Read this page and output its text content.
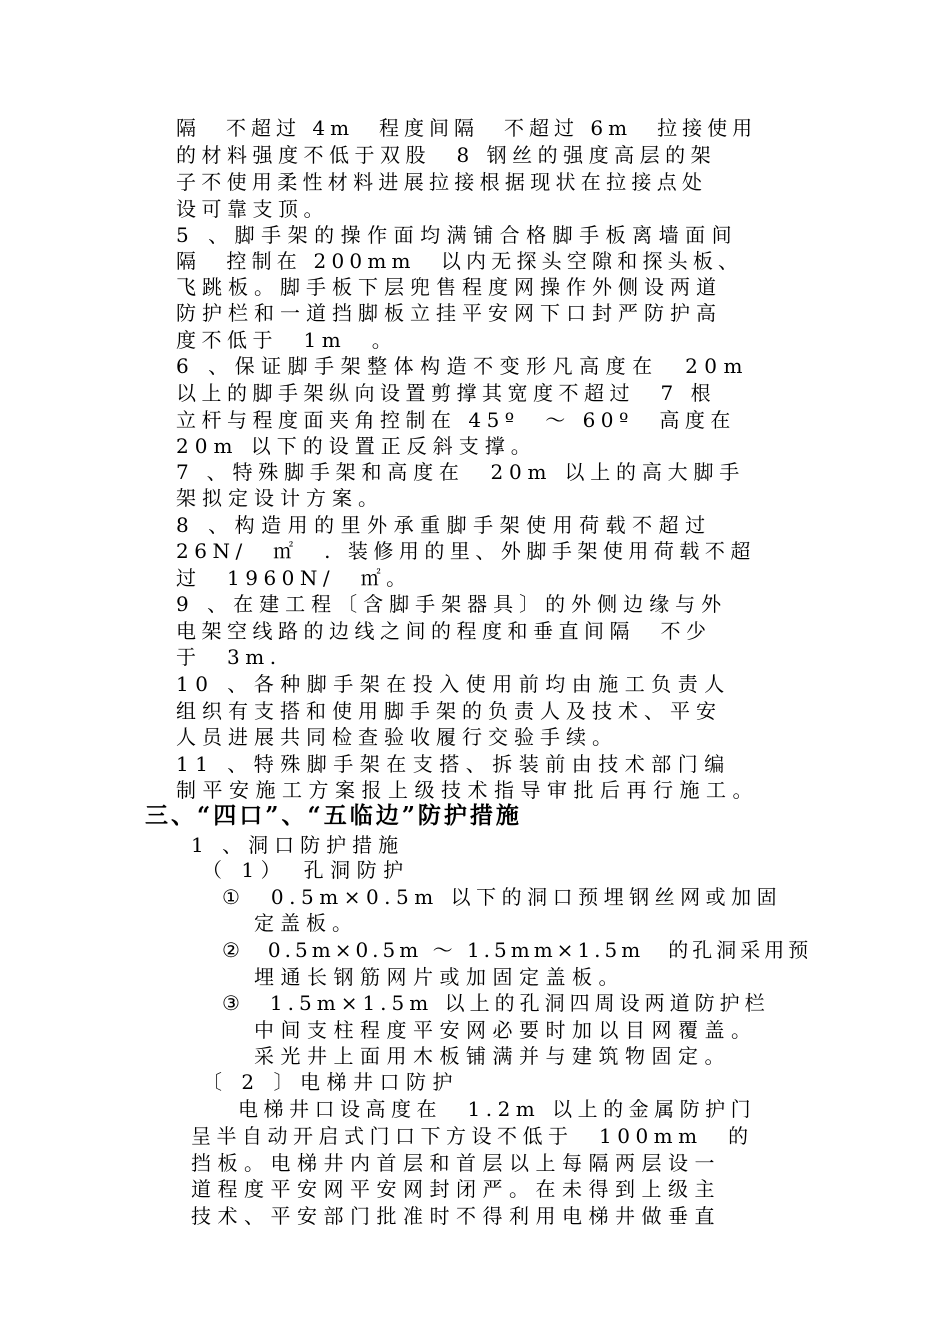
隔　不超过 4m　程度间隔　不超过 6m　拉接使用
的材料强度不低于双股　8 钢丝的强度高层的架
子不使用柔性材料进展拉接根据现状在拉接点处
设可靠支顶。
5 、脚手架的操作面均满铺合格脚手板离墙面间
隔　控制在 200mm　以内无探头空隙和探头板、
飞跳板。脚手板下层兜售程度网操作外侧设两道
防护栏和一道挡脚板立挂平安网下口封严防护高
度不低于　1m　。
6 、保证脚手架整体构造不变形凡高度在　20m
以上的脚手架纵向设置剪撑其宽度不超过　7 根
立杆与程度面夹角控制在 45º　～ 60º　高度在
20m 以下的设置正反斜支撑。
7 、特殊脚手架和高度在　20m 以上的高大脚手
架拟定设计方案。
8 、构造用的里外承重脚手架使用荷载不超过
26N/　㎡　. 装修用的里、外脚手架使用荷载不超
过　1960N/　㎡。
9 、在建工程〔含脚手架器具〕的外侧边缘与外
电架空线路的边线之间的程度和垂直间隔　不少
于　3m.
10 、各种脚手架在投入使用前均由施工负责人
组织有支搭和使用脚手架的负责人及技术、平安
人员进展共同检查验收履行交验手续。
11 、特殊脚手架在支搭、拆装前由技术部门编
制平安施工方案报上级技术指导审批后再行施工。
三、“四口”、“五临边”防护措施
1 、洞口防护措施
（ 1）　孔洞防护
①　0.5m×0.5m 以下的洞口预埋钢丝网或加固
定盖板。
②　0.5m×0.5m ～ 1.5mm×1.5m　的孔洞采用预
埋通长钢筋网片或加固定盖板。
③　1.5m×1.5m 以上的孔洞四周设两道防护栏
中间支柱程度平安网必要时加以目网覆盖。
采光井上面用木板铺满并与建筑物固定。
〔 2 〕电梯井口防护
电梯井口设高度在　1.2m 以上的金属防护门
呈半自动开启式门口下方设不低于　100mm　的
挡板。电梯井内首层和首层以上每隔两层设一
道程度平安网平安网封闭严。在未得到上级主
技术、平安部门批准时不得利用电梯井做垂直
